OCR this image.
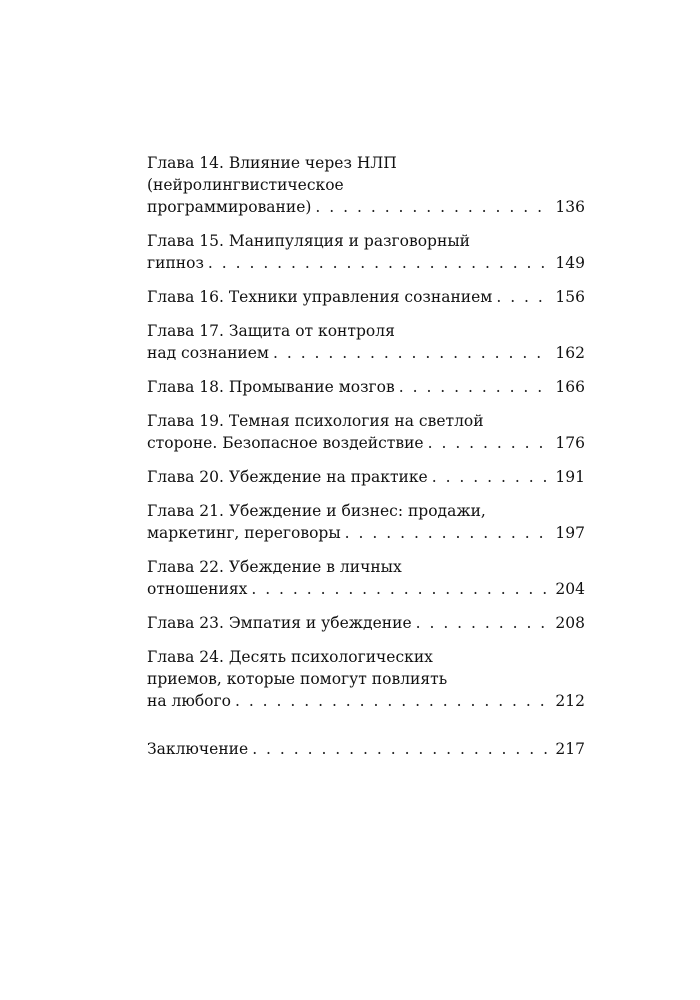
Глава 14. Влияние через НЛП
(нейролингвистическое
программирование) . . .	136
Глава 15. Манипуляция и разговорный
гипноз . . .	149
Глава 16. Техники управления сознанием . . .	156
Глава 17. Защита от контроля
над сознанием . . .	162
Глава 18. Промывание мозгов . . .	166
Глава 19. Темная психология на светлой
стороне. Безопасное воздействие . . .	176
Глава 20. Убеждение на практике . . .	191
Глава 21. Убеждение и бизнес: продажи,
маркетинг, переговоры . . .	197
Глава 22. Убеждение в личных
отношениях . . .	204
Глава 23. Эмпатия и убеждение . . .	208
Глава 24. Десять психологических
приемов, которые помогут повлиять
на любого . . .	212
Заключение . . .	217
